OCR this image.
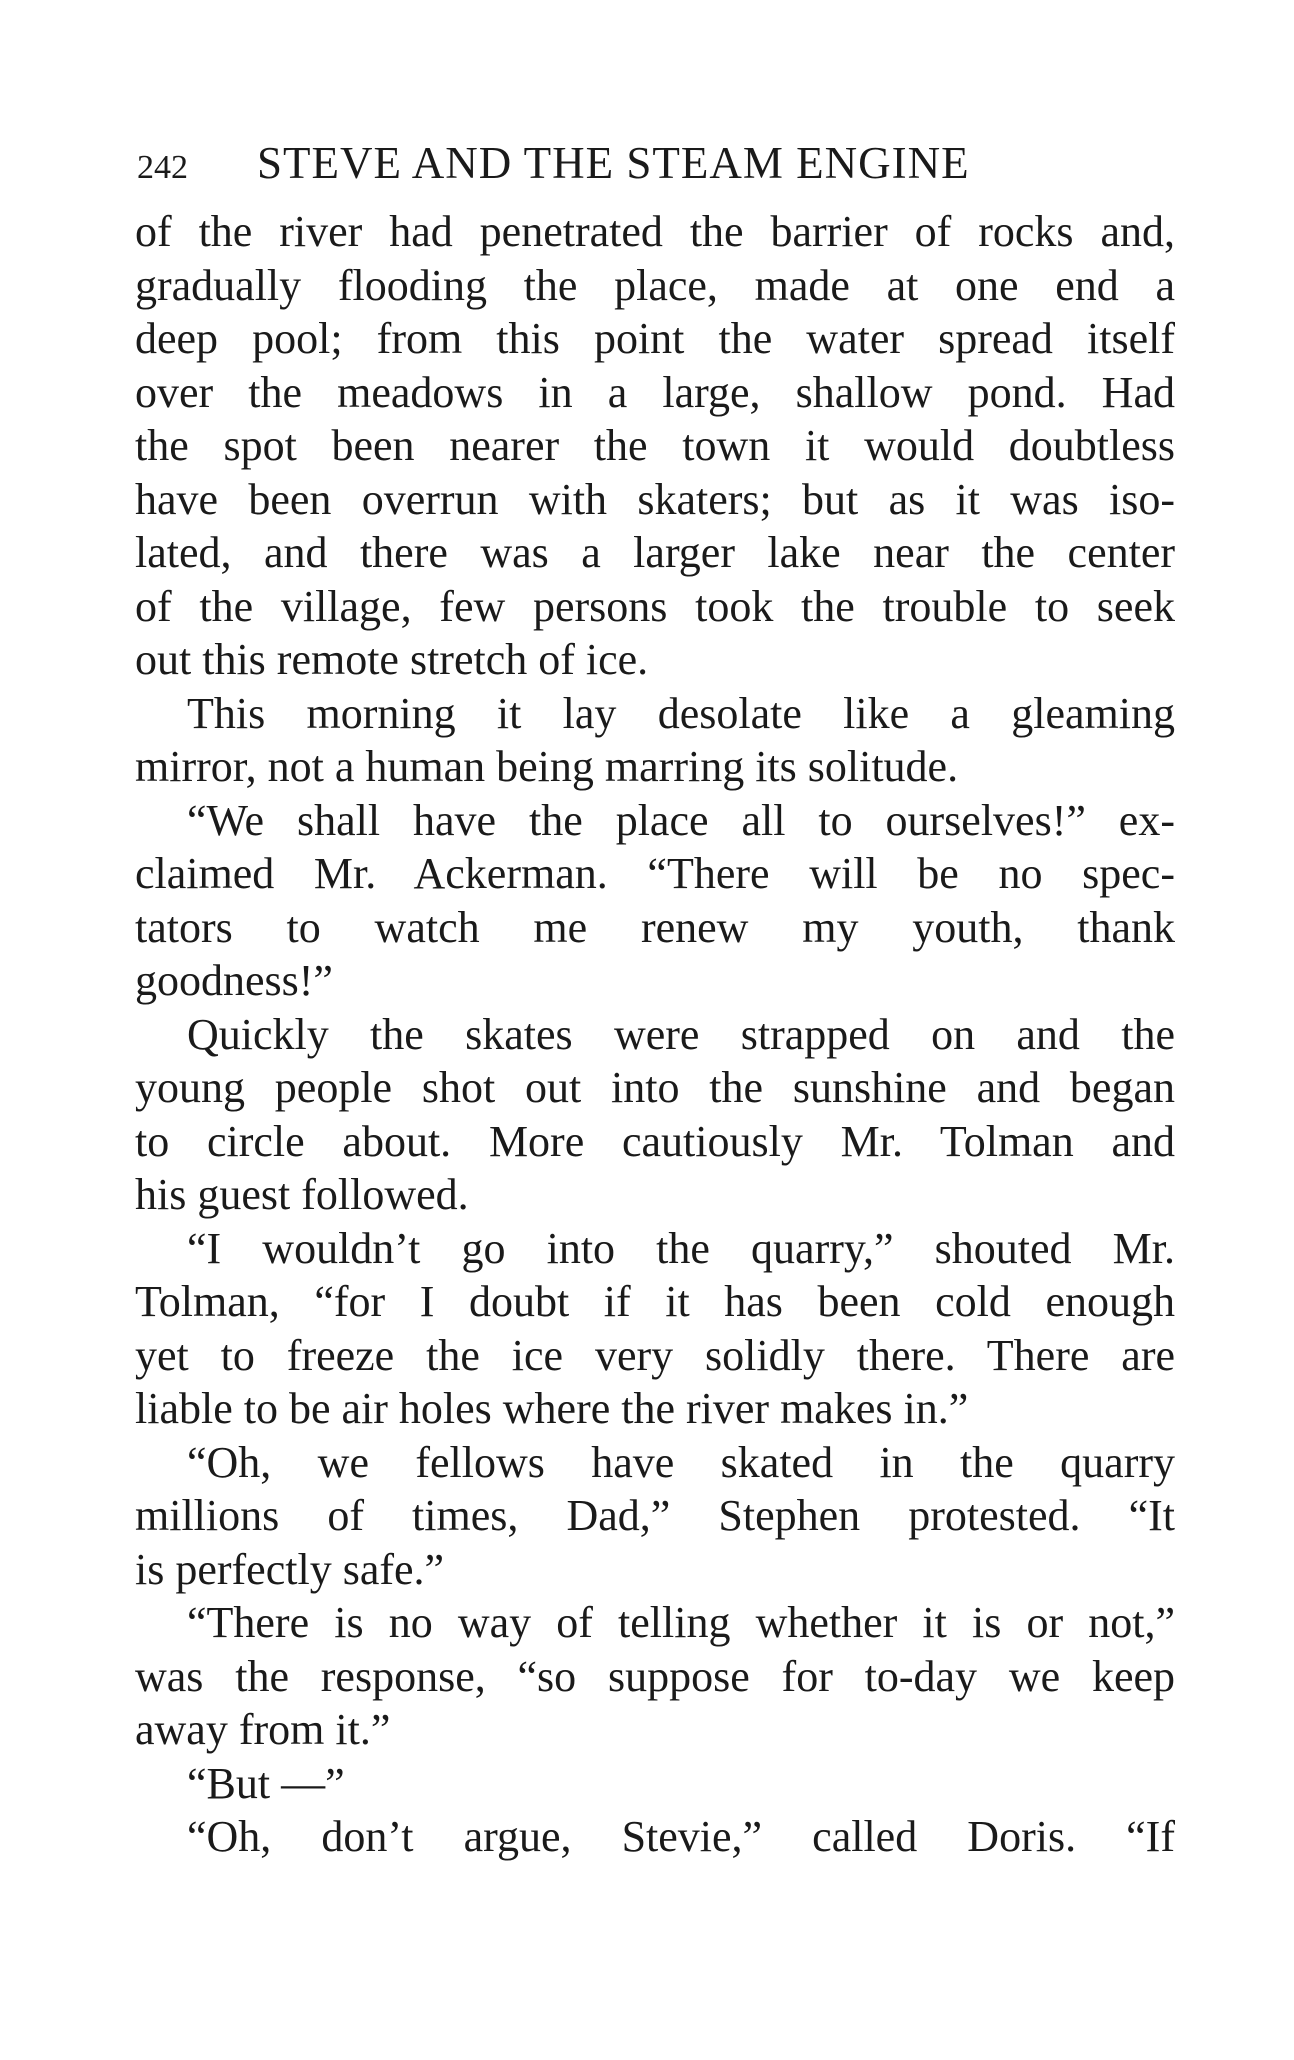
242 STEVE AND THE STEAM ENGINE
of the river had penetrated the barrier of rocks and,
gradually flooding the place, made at one end a
deep pool; from this point the water spread itself
over the meadows in a large, shallow pond. Had
the spot been nearer the town it would doubtless
have been overrun with skaters; but as it was iso-
lated, and there was a larger lake near the center
of the village, few persons took the trouble to seek
out this remote stretch of ice.
This morning it lay desolate like a gleaming
mirror, not a human being marring its solitude.
“We shall have the place all to ourselves!” ex-
claimed Mr. Ackerman. “There will be no spec-
tators to watch me renew my youth, thank
goodness!”
Quickly the skates were strapped on and the
young people shot out into the sunshine and began
to circle about. More cautiously Mr. Tolman and
his guest followed.
“I wouldn’t go into the quarry,” shouted Mr.
Tolman, “for I doubt if it has been cold enough
yet to freeze the ice very solidly there. There are
liable to be air holes where the river makes in.”
“Oh, we fellows have skated in the quarry
millions of times, Dad,” Stephen protested. “It
is perfectly safe.”
“There is no way of telling whether it is or not,”
was the response, “so suppose for to-day we keep
away from it.”
“But —”
“Oh, don’t argue, Stevie,” called Doris. “If
